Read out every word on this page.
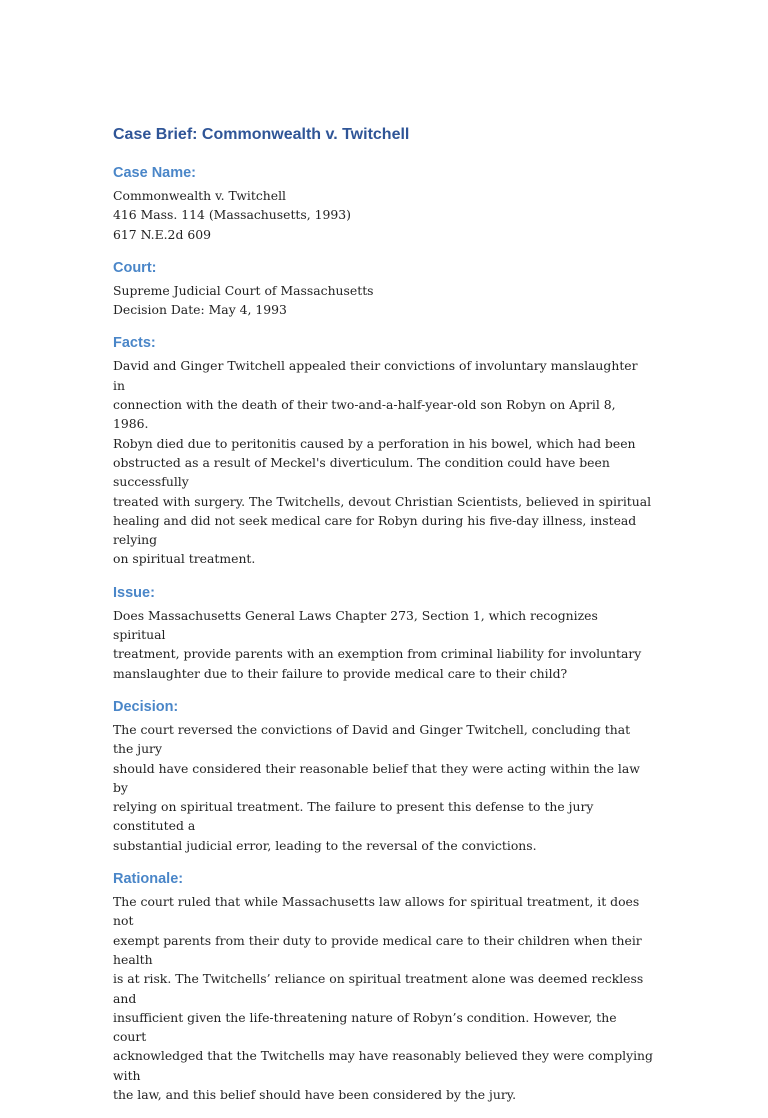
Case Brief: Commonwealth v. Twitchell
Case Name:

Commonwealth v. Twitchell

416 Mass. 114 (Massachusetts, 1993)

617 N.E.2d 609

Court:

Supreme Judicial Court of Massachusetts

Decision Date: May 4, 1993

Facts:

David and Ginger Twitchell appealed their convictions of involuntary manslaughter in

connection with the death of their two-and-a-half-year-old son Robyn on April 8, 1986.

Robyn died due to peritonitis caused by a perforation in his bowel, which had been

obstructed as a result of Meckel's diverticulum. The condition could have been successfully

treated with surgery. The Twitchells, devout Christian Scientists, believed in spiritual

healing and did not seek medical care for Robyn during his five-day illness, instead relying

on spiritual treatment.

Issue:

Does Massachusetts General Laws Chapter 273, Section 1, which recognizes spiritual

treatment, provide parents with an exemption from criminal liability for involuntary

manslaughter due to their failure to provide medical care to their child?

Decision:

The court reversed the convictions of David and Ginger Twitchell, concluding that the jury

should have considered their reasonable belief that they were acting within the law by

relying on spiritual treatment. The failure to present this defense to the jury constituted a

substantial judicial error, leading to the reversal of the convictions.

Rationale:

The court ruled that while Massachusetts law allows for spiritual treatment, it does not

exempt parents from their duty to provide medical care to their children when their health

is at risk. The Twitchells’ reliance on spiritual treatment alone was deemed reckless and

insufficient given the life-threatening nature of Robyn’s condition. However, the court

acknowledged that the Twitchells may have reasonably believed they were complying with

the law, and this belief should have been considered by the jury.
